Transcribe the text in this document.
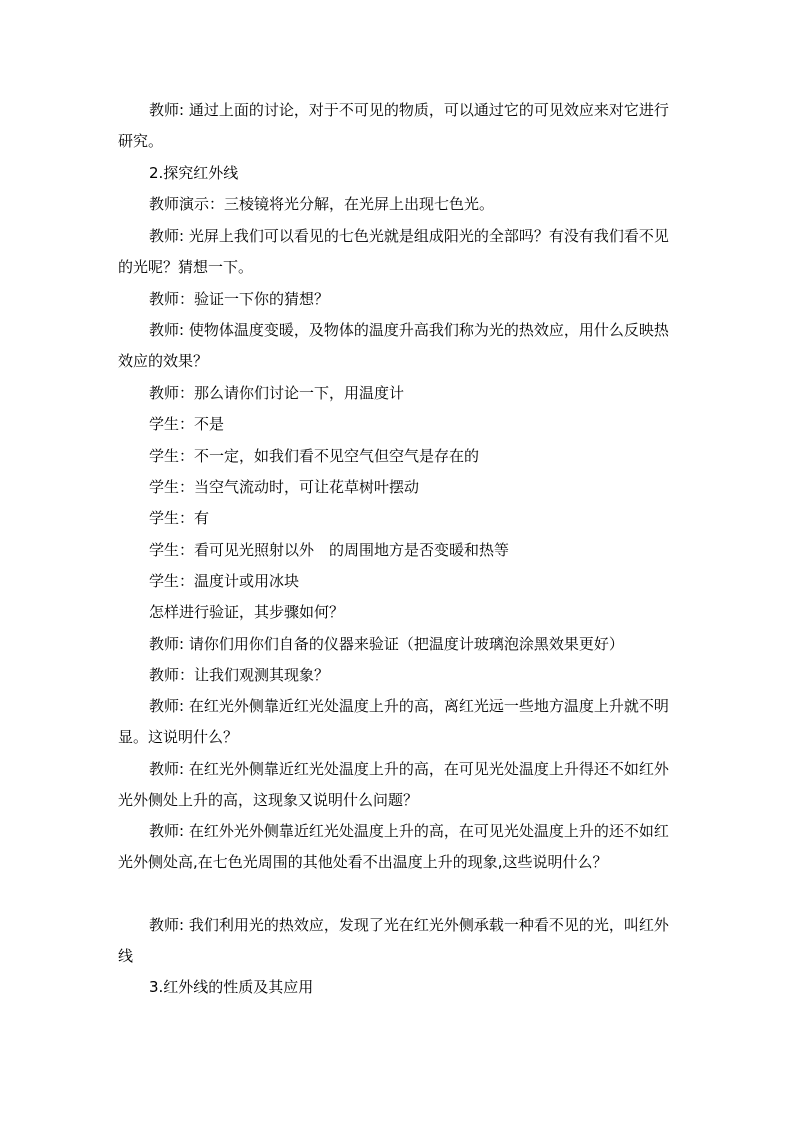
教师: 通过上面的讨论，对于不可见的物质，可以通过它的可见效应来对它进行研究。

2.探究红外线

教师演示：三棱镜将光分解，在光屏上出现七色光。

教师: 光屏上我们可以看见的七色光就是组成阳光的全部吗？有没有我们看不见的光呢？猜想一下。

教师：验证一下你的猜想？

教师: 使物体温度变暖，及物体的温度升高我们称为光的热效应，用什么反映热效应的效果？

教师：那么请你们讨论一下，用温度计

学生：不是

学生：不一定，如我们看不见空气但空气是存在的

学生：当空气流动时，可让花草树叶摆动

学生：有

学生：看可见光照射以外　的周围地方是否变暖和热等

学生：温度计或用冰块

怎样进行验证，其步骤如何？

教师: 请你们用你们自备的仪器来验证（把温度计玻璃泡涂黑效果更好）

教师：让我们观测其现象？

教师: 在红光外侧靠近红光处温度上升的高，离红光远一些地方温度上升就不明显。这说明什么？

教师: 在红光外侧靠近红光处温度上升的高，在可见光处温度上升得还不如红外光外侧处上升的高，这现象又说明什么问题？

教师: 在红外光外侧靠近红光处温度上升的高，在可见光处温度上升的还不如红光外侧处高,在七色光周围的其他处看不出温度上升的现象,这些说明什么？

教师: 我们利用光的热效应，发现了光在红光外侧承载一种看不见的光，叫红外线

3.红外线的性质及其应用
